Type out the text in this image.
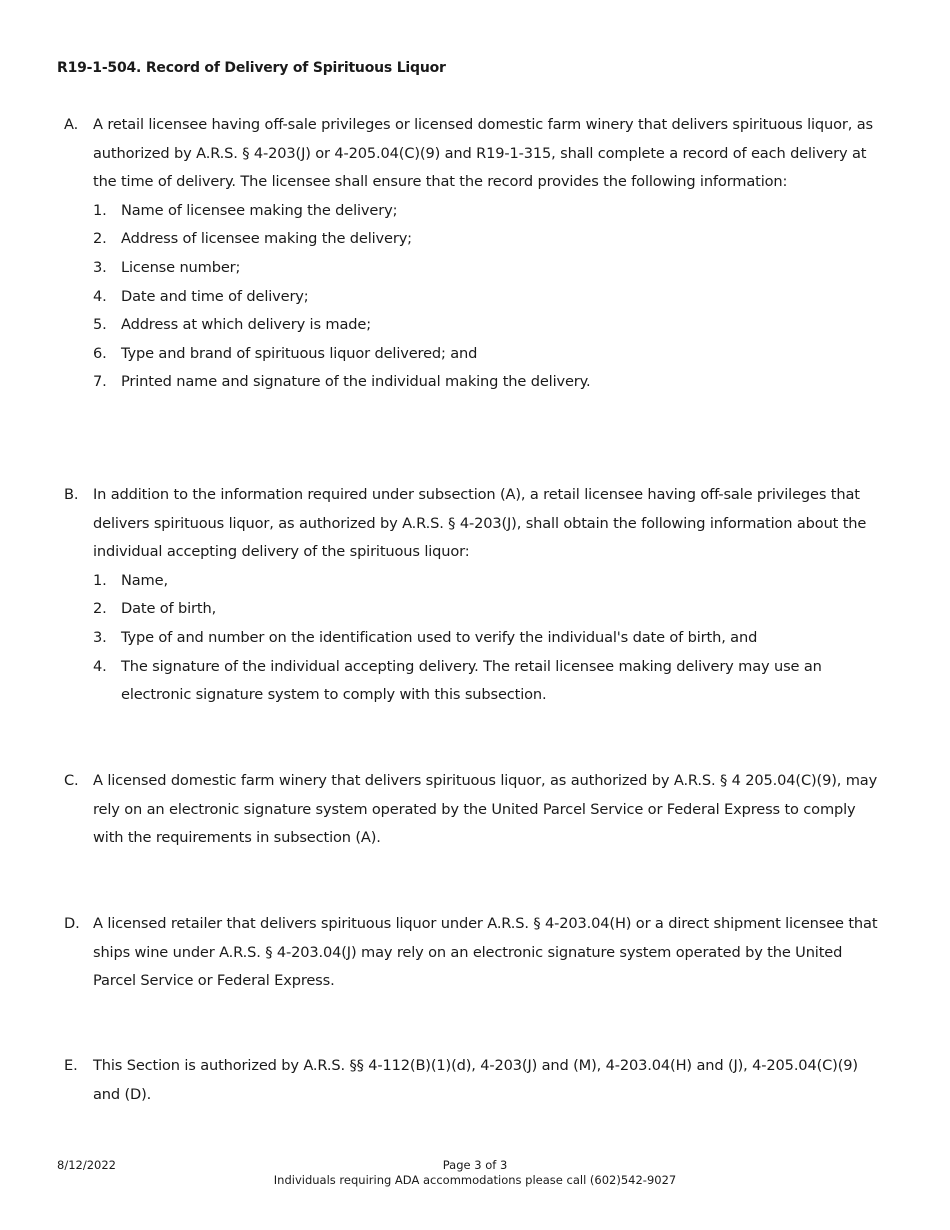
R19-1-504. Record of Delivery of Spirituous Liquor
A.	A retail licensee having off-sale privileges or licensed domestic farm winery that delivers spirituous liquor, as authorized by A.R.S. § 4-203(J) or 4-205.04(C)(9) and R19-1-315, shall complete a record of each delivery at the time of delivery. The licensee shall ensure that the record provides the following information:
1. Name of licensee making the delivery;
2. Address of licensee making the delivery;
3. License number;
4. Date and time of delivery;
5. Address at which delivery is made;
6. Type and brand of spirituous liquor delivered; and
7. Printed name and signature of the individual making the delivery.
B.	In addition to the information required under subsection (A), a retail licensee having off-sale privileges that delivers spirituous liquor, as authorized by A.R.S. § 4-203(J), shall obtain the following information about the individual accepting delivery of the spirituous liquor:
1. Name,
2. Date of birth,
3. Type of and number on the identification used to verify the individual's date of birth, and
4. The signature of the individual accepting delivery. The retail licensee making delivery may use an electronic signature system to comply with this subsection.
C. A licensed domestic farm winery that delivers spirituous liquor, as authorized by A.R.S. § 4 205.04(C)(9), may rely on an electronic signature system operated by the United Parcel Service or Federal Express to comply with the requirements in subsection (A).
D. A licensed retailer that delivers spirituous liquor under A.R.S. § 4-203.04(H) or a direct shipment licensee that ships wine under A.R.S. § 4-203.04(J) may rely on an electronic signature system operated by the United Parcel Service or Federal Express.
E.	This Section is authorized by A.R.S. §§ 4-112(B)(1)(d), 4-203(J) and (M), 4-203.04(H) and (J), 4-205.04(C)(9) and (D).
8/12/2022	Page 3 of 3
Individuals requiring ADA accommodations please call (602)542-9027
